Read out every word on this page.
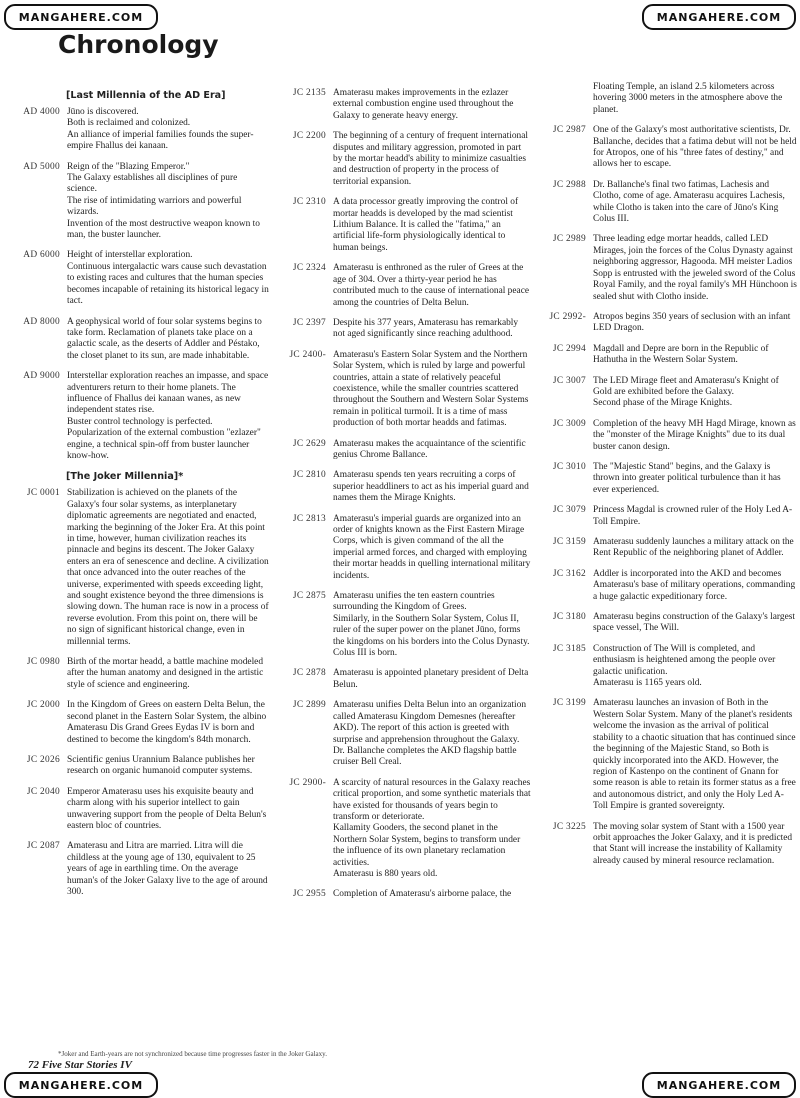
MANGAHERE.COM	MANGAHERE.COM
MANGAHERE.COM	MANGAHERE.COM
Chronology
[Last Millennia of the AD Era]
AD 4000 Jūno is discovered.
Both is reclaimed and colonized.
An alliance of imperial families founds the super-empire Fhallus dei kanaan.
AD 5000 Reign of the "Blazing Emperor."
The Galaxy establishes all disciplines of pure science.
The rise of intimidating warriors and powerful wizards.
Invention of the most destructive weapon known to man, the buster launcher.
AD 6000 Height of interstellar exploration.
Continuous intergalactic wars cause such devastation to existing races and cultures that the human species becomes incapable of retaining its historical legacy in tact.
AD 8000 A geophysical world of four solar systems begins to take form. Reclamation of planets take place on a galactic scale, as the deserts of Addler and Péstako, the closet planet to its sun, are made inhabitable.
AD 9000 Interstellar exploration reaches an impasse, and space adventurers return to their home planets. The influence of Fhallus dei kanaan wanes, as new independent states rise.
Buster control technology is perfected.
Popularization of the external combustion "ezlazer" engine, a technical spin-off from buster launcher know-how.
[The Joker Millennia]*
JC 0001 Stabilization is achieved on the planets of the Galaxy's four solar systems, as interplanetary diplomatic agreements are negotiated and enacted, marking the beginning of the Joker Era. At this point in time, however, human civilization reaches its pinnacle and begins its descent. The Joker Galaxy enters an era of senescence and decline. A civilization that once advanced into the outer reaches of the universe, experimented with speeds exceeding light, and sought existence beyond the three dimensions is slowing down. The human race is now in a process of reverse evolution. From this point on, there will be no sign of significant historical change, even in millennial terms.
JC 0980 Birth of the mortar headd, a battle machine modeled after the human anatomy and designed in the artistic style of science and engineering.
JC 2000 In the Kingdom of Grees on eastern Delta Belun, the second planet in the Eastern Solar System, the albino Amaterasu Dis Grand Grees Eydas IV is born and destined to become the kingdom's 84th monarch.
JC 2026 Scientific genius Urannium Balance publishes her research on organic humanoid computer systems.
JC 2040 Emperor Amaterasu uses his exquisite beauty and charm along with his superior intellect to gain unwavering support from the people of Delta Belun's eastern bloc of countries.
JC 2087 Amaterasu and Litra are married. Litra will die childless at the young age of 130, equivalent to 25 years of age in earthling time. On the average human's of the Joker Galaxy live to the age of around 300.
JC 2135 Amaterasu makes improvements in the ezlazer external combustion engine used throughout the Galaxy to generate heavy energy.
JC 2200 The beginning of a century of frequent international disputes and military aggression, promoted in part by the mortar headd's ability to minimize casualties and destruction of property in the process of territorial expansion.
JC 2310 A data processor greatly improving the control of mortar headds is developed by the mad scientist Lithium Balance. It is called the "fatima," an artificial life-form physiologically identical to human beings.
JC 2324 Amaterasu is enthroned as the ruler of Grees at the age of 304. Over a thirty-year period he has contributed much to the cause of international peace among the countries of Delta Belun.
JC 2397 Despite his 377 years, Amaterasu has remarkably not aged significantly since reaching adulthood.
JC 2400- Amaterasu's Eastern Solar System and the Northern Solar System, which is ruled by large and powerful countries, attain a state of relatively peaceful coexistence, while the smaller countries scattered throughout the Southern and Western Solar Systems remain in political turmoil. It is a time of mass production of both mortar headds and fatimas.
JC 2629 Amaterasu makes the acquaintance of the scientific genius Chrome Ballance.
JC 2810 Amaterasu spends ten years recruiting a corps of superior headdliners to act as his imperial guard and names them the Mirage Knights.
JC 2813 Amaterasu's imperial guards are organized into an order of knights known as the First Eastern Mirage Corps, which is given command of the all the imperial armed forces, and charged with employing their mortar headds in quelling international military incidents.
JC 2875 Amaterasu unifies the ten eastern countries surrounding the Kingdom of Grees.
Similarly, in the Southern Solar System, Colus II, ruler of the super power on the planet Jūno, forms the kingdoms on his borders into the Colus Dynasty.
Colus III is born.
JC 2878 Amaterasu is appointed planetary president of Delta Belun.
JC 2899 Amaterasu unifies Delta Belun into an organization called Amaterasu Kingdom Demesnes (hereafter AKD). The report of this action is greeted with surprise and apprehension throughout the Galaxy.
Dr. Ballanche completes the AKD flagship battle cruiser Bell Creal.
JC 2900- A scarcity of natural resources in the Galaxy reaches critical proportion, and some synthetic materials that have existed for thousands of years begin to transform or deteriorate.
Kallamity Gooders, the second planet in the Northern Solar System, begins to transform under the influence of its own planetary reclamation activities.
Amaterasu is 880 years old.
JC 2955 Completion of Amaterasu's airborne palace, the
Floating Temple, an island 2.5 kilometers across hovering 3000 meters in the atmosphere above the planet.
JC 2987 One of the Galaxy's most authoritative scientists, Dr. Ballanche, decides that a fatima debut will not be held for Atropos, one of his "three fates of destiny," and allows her to escape.
JC 2988 Dr. Ballanche's final two fatimas, Lachesis and Clotho, come of age. Amaterasu acquires Lachesis, while Clotho is taken into the care of Jūno's King Colus III.
JC 2989 Three leading edge mortar headds, called LED Mirages, join the forces of the Colus Dynasty against neighboring aggressor, Hagooda. MH meister Ladios Sopp is entrusted with the jeweled sword of the Colus Royal Family, and the royal family's MH Hünchoon is sealed shut with Clotho inside.
JC 2992- Atropos begins 350 years of seclusion with an infant LED Dragon.
JC 2994 Magdall and Depre are born in the Republic of Hathutha in the Western Solar System.
JC 3007 The LED Mirage fleet and Amaterasu's Knight of Gold are exhibited before the Galaxy.
Second phase of the Mirage Knights.
JC 3009 Completion of the heavy MH Hagd Mirage, known as the "monster of the Mirage Knights" due to its dual buster canon design.
JC 3010 The "Majestic Stand" begins, and the Galaxy is thrown into greater political turbulence than it has ever experienced.
JC 3079 Princess Magdal is crowned ruler of the Holy Led A-Toll Empire.
JC 3159 Amaterasu suddenly launches a military attack on the Rent Republic of the neighboring planet of Addler.
JC 3162 Addler is incorporated into the AKD and becomes Amaterasu's base of military operations, commanding a huge galactic expeditionary force.
JC 3180 Amaterasu begins construction of the Galaxy's largest space vessel, The Will.
JC 3185 Construction of The Will is completed, and enthusiasm is heightened among the people over galactic unification.
Amaterasu is 1165 years old.
JC 3199 Amaterasu launches an invasion of Both in the Western Solar System. Many of the planet's residents welcome the invasion as the arrival of political stability to a chaotic situation that has continued since the beginning of the Majestic Stand, so Both is quickly incorporated into the AKD. However, the region of Kastenpo on the continent of Gnann for some reason is able to retain its former status as a free and autonomous district, and only the Holy Led A-Toll Empire is granted sovereignty.
JC 3225 The moving solar system of Stant with a 1500 year orbit approaches the Joker Galaxy, and it is predicted that Stant will increase the instability of Kallamity already caused by mineral resource reclamation.
*Joker and Earth-years are not synchronized because time progresses faster in the Joker Galaxy.
72 Five Star Stories IV
